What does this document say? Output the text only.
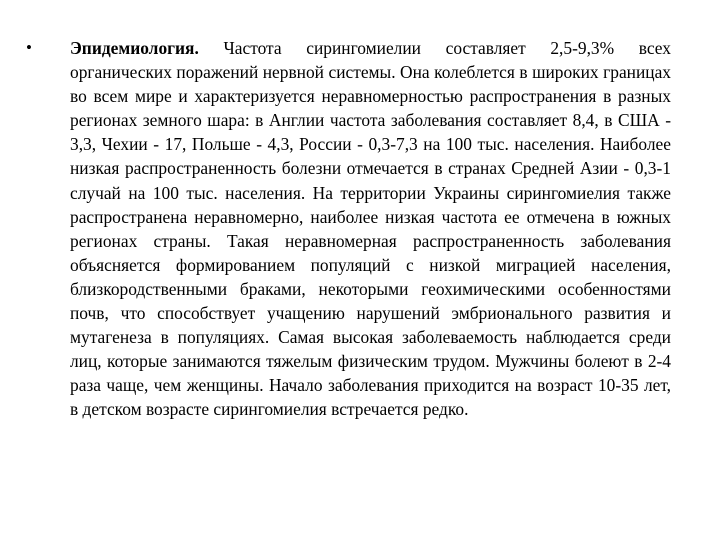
• Эпидемиология. Частота сирингомиелии составляет 2,5-9,3% всех органических поражений нервной системы. Она колеблется в широких границах во всем мире и характеризуется неравномерностью распространения в разных регионах земного шара: в Англии частота заболевания составляет 8,4, в США - 3,3, Чехии - 17, Польше - 4,3, России - 0,3-7,3 на 100 тыс. населения. Наиболее низкая распространенность болезни отмечается в странах Средней Азии - 0,3-1 случай на 100 тыс. населения. На территории Украины сирингомиелия также распространена неравномерно, наиболее низкая частота ее отмечена в южных регионах страны. Такая неравномерная распространенность заболевания объясняется формированием популяций с низкой миграцией населения, близкородственными браками, некоторыми геохимическими особенностями почв, что способствует учащению нарушений эмбрионального развития и мутагенеза в популяциях. Самая высокая заболеваемость наблюдается среди лиц, которые занимаются тяжелым физическим трудом. Мужчины болеют в 2-4 раза чаще, чем женщины. Начало заболевания приходится на возраст 10-35 лет, в детском возрасте сирингомиелия встречается редко.
